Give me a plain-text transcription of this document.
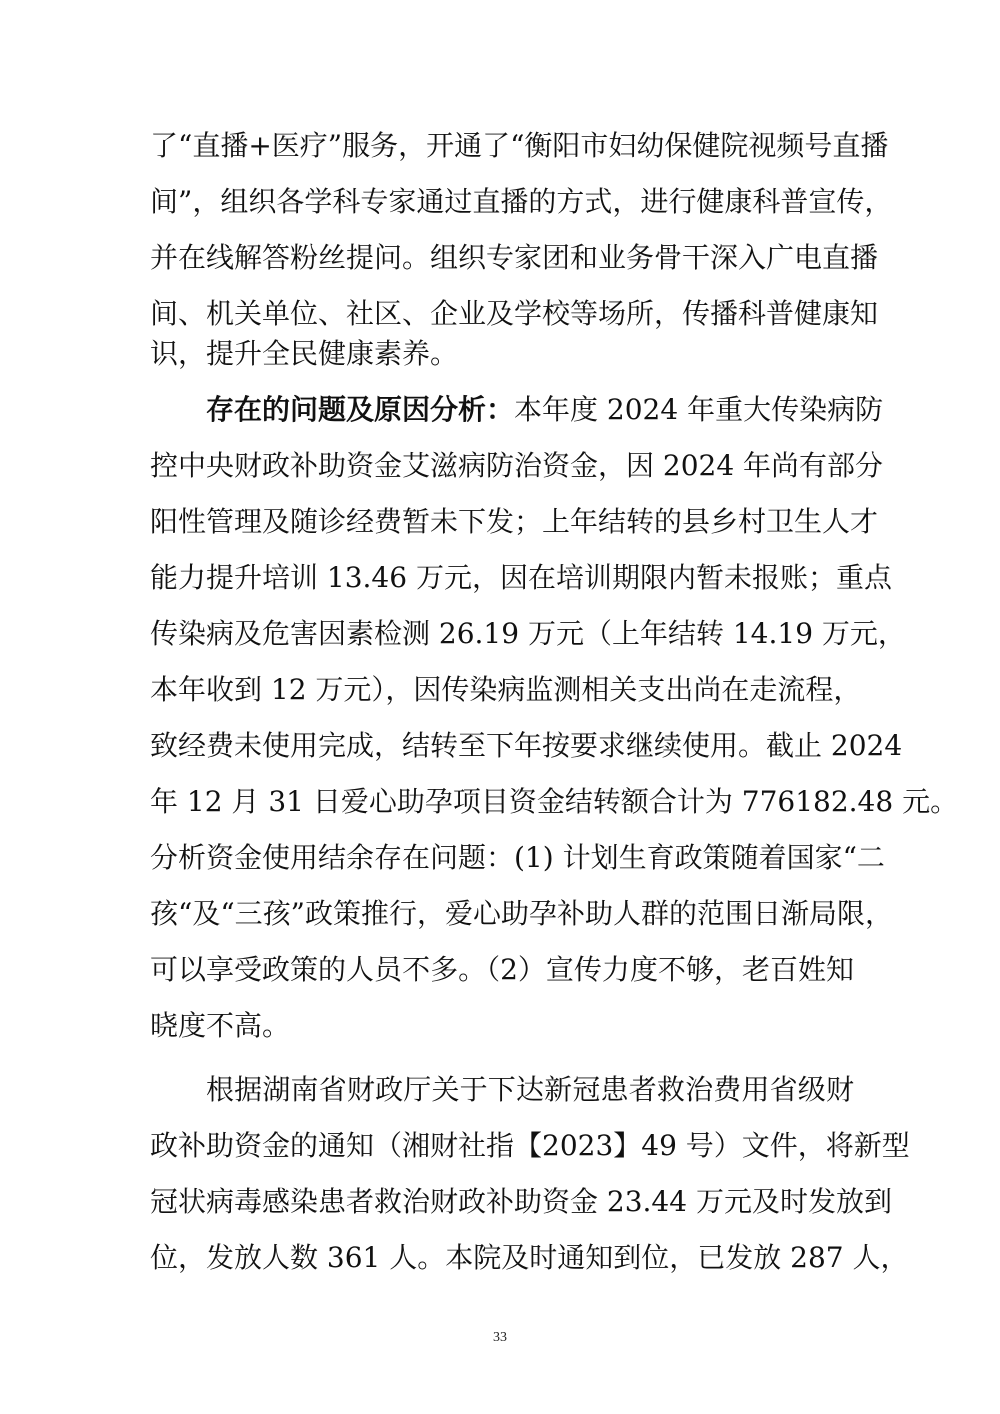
了“直播+医疗”服务，开通了“衡阳市妇幼保健院视频号直播
间”，组织各学科专家通过直播的方式，进行健康科普宣传，
并在线解答粉丝提问。组织专家团和业务骨干深入广电直播
间、机关单位、社区、企业及学校等场所，传播科普健康知
识，提升全民健康素养。
存在的问题及原因分析：本年度 2024 年重大传染病防
控中央财政补助资金艾滋病防治资金，因 2024 年尚有部分
阳性管理及随诊经费暂未下发；上年结转的县乡村卫生人才
能力提升培训 13.46 万元，因在培训期限内暂未报账；重点
传染病及危害因素检测 26.19 万元（上年结转 14.19 万元，
本年收到 12 万元），因传染病监测相关支出尚在走流程，
致经费未使用完成，结转至下年按要求继续使用。截止 2024
年 12 月 31 日爱心助孕项目资金结转额合计为 776182.48 元。
分析资金使用结余存在问题：(1) 计划生育政策随着国家“二
孩“及“三孩”政策推行，爱心助孕补助人群的范围日渐局限，
可以享受政策的人员不多。（2）宣传力度不够，老百姓知
晓度不高。
根据湖南省财政厅关于下达新冠患者救治费用省级财
政补助资金的通知（湘财社指【2023】49 号）文件，将新型
冠状病毒感染患者救治财政补助资金 23.44 万元及时发放到
位，发放人数 361 人。本院及时通知到位，已发放 287 人，
33
